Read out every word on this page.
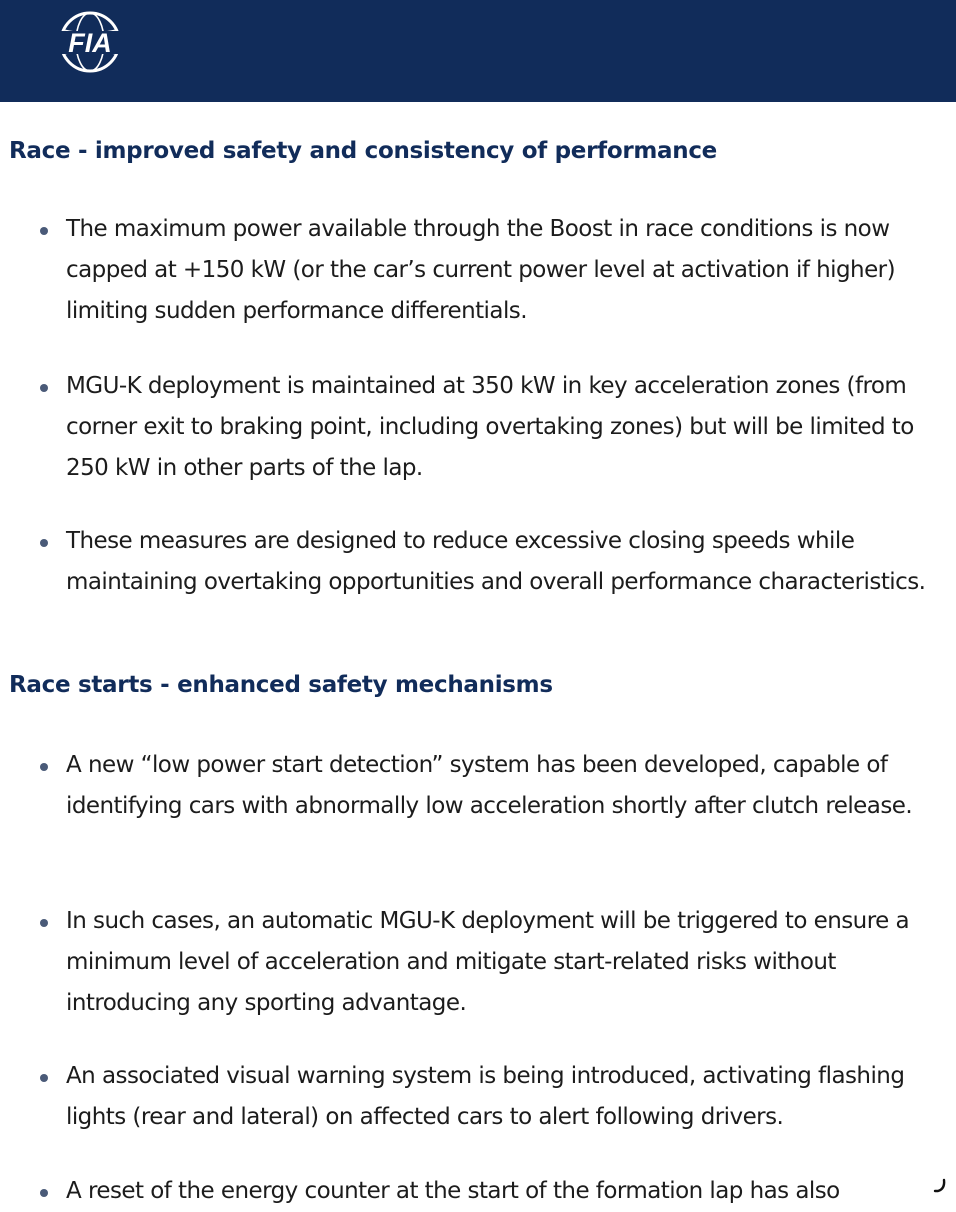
FIA
Race - improved safety and consistency of performance

The maximum power available through the Boost in race conditions is now capped at +150 kW (or the car’s current power level at activation if higher) limiting sudden performance differentials.

MGU-K deployment is maintained at 350 kW in key acceleration zones (from corner exit to braking point, including overtaking zones) but will be limited to 250 kW in other parts of the lap.

These measures are designed to reduce excessive closing speeds while maintaining overtaking opportunities and overall performance characteristics.

Race starts - enhanced safety mechanisms

A new “low power start detection” system has been developed, capable of identifying cars with abnormally low acceleration shortly after clutch release.

In such cases, an automatic MGU-K deployment will be triggered to ensure a minimum level of acceleration and mitigate start-related risks without introducing any sporting advantage.

An associated visual warning system is being introduced, activating flashing lights (rear and lateral) on affected cars to alert following drivers.

A reset of the energy counter at the start of the formation lap has also
